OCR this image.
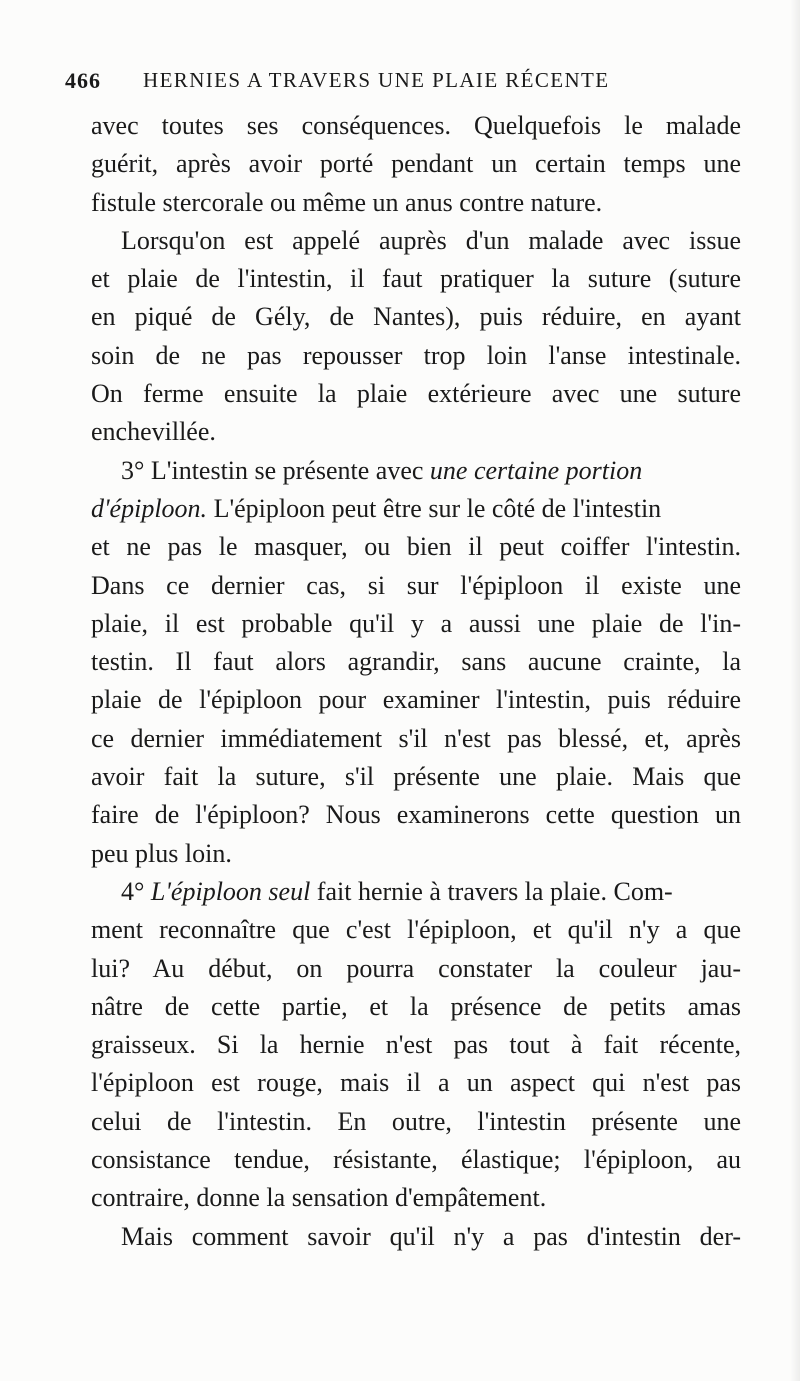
466 HERNIES A TRAVERS UNE PLAIE RÉCENTE
avec toutes ses conséquences. Quelquefois le malade
guérit, après avoir porté pendant un certain temps une
fistule stercorale ou même un anus contre nature.
Lorsqu'on est appelé auprès d'un malade avec issue
et plaie de l'intestin, il faut pratiquer la suture (suture
en piqué de Gély, de Nantes), puis réduire, en ayant
soin de ne pas repousser trop loin l'anse intestinale.
On ferme ensuite la plaie extérieure avec une suture
enchevillée.
3° L'intestin se présente avec une certaine portion
d'épiploon. L'épiploon peut être sur le côté de l'intestin
et ne pas le masquer, ou bien il peut coiffer l'intestin.
Dans ce dernier cas, si sur l'épiploon il existe une
plaie, il est probable qu'il y a aussi une plaie de l'in-
testin. Il faut alors agrandir, sans aucune crainte, la
plaie de l'épiploon pour examiner l'intestin, puis réduire
ce dernier immédiatement s'il n'est pas blessé, et, après
avoir fait la suture, s'il présente une plaie. Mais que
faire de l'épiploon? Nous examinerons cette question un
peu plus loin.
4° L'épiploon seul fait hernie à travers la plaie. Com-
ment reconnaître que c'est l'épiploon, et qu'il n'y a que
lui? Au début, on pourra constater la couleur jau-
nâtre de cette partie, et la présence de petits amas
graisseux. Si la hernie n'est pas tout à fait récente,
l'épiploon est rouge, mais il a un aspect qui n'est pas
celui de l'intestin. En outre, l'intestin présente une
consistance tendue, résistante, élastique; l'épiploon, au
contraire, donne la sensation d'empâtement.
Mais comment savoir qu'il n'y a pas d'intestin der-
